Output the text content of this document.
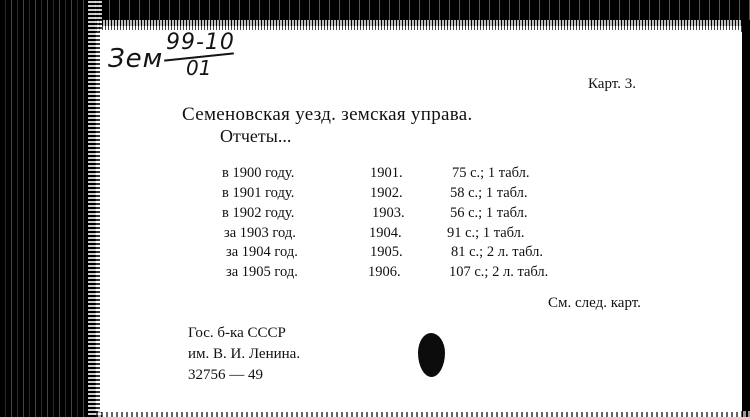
Зем
99-10
01
Карт. 3.
Семеновская уезд. земская управа.
Отчеты...
в 1900 году.	1901.	75 с.; 1 табл.
в 1901 году.	1902.	58 с.; 1 табл.
в 1902 году.	1903.	56 с.; 1 табл.
за 1903 год.	1904.	91 с.; 1 табл.
за 1904 год.	1905.	81 с.; 2 л. табл.
за 1905 год.	1906.	107 с.; 2 л. табл.
См. след. карт.
Гос. б-ка СССР
им. В. И. Ленина.
32756 — 49
